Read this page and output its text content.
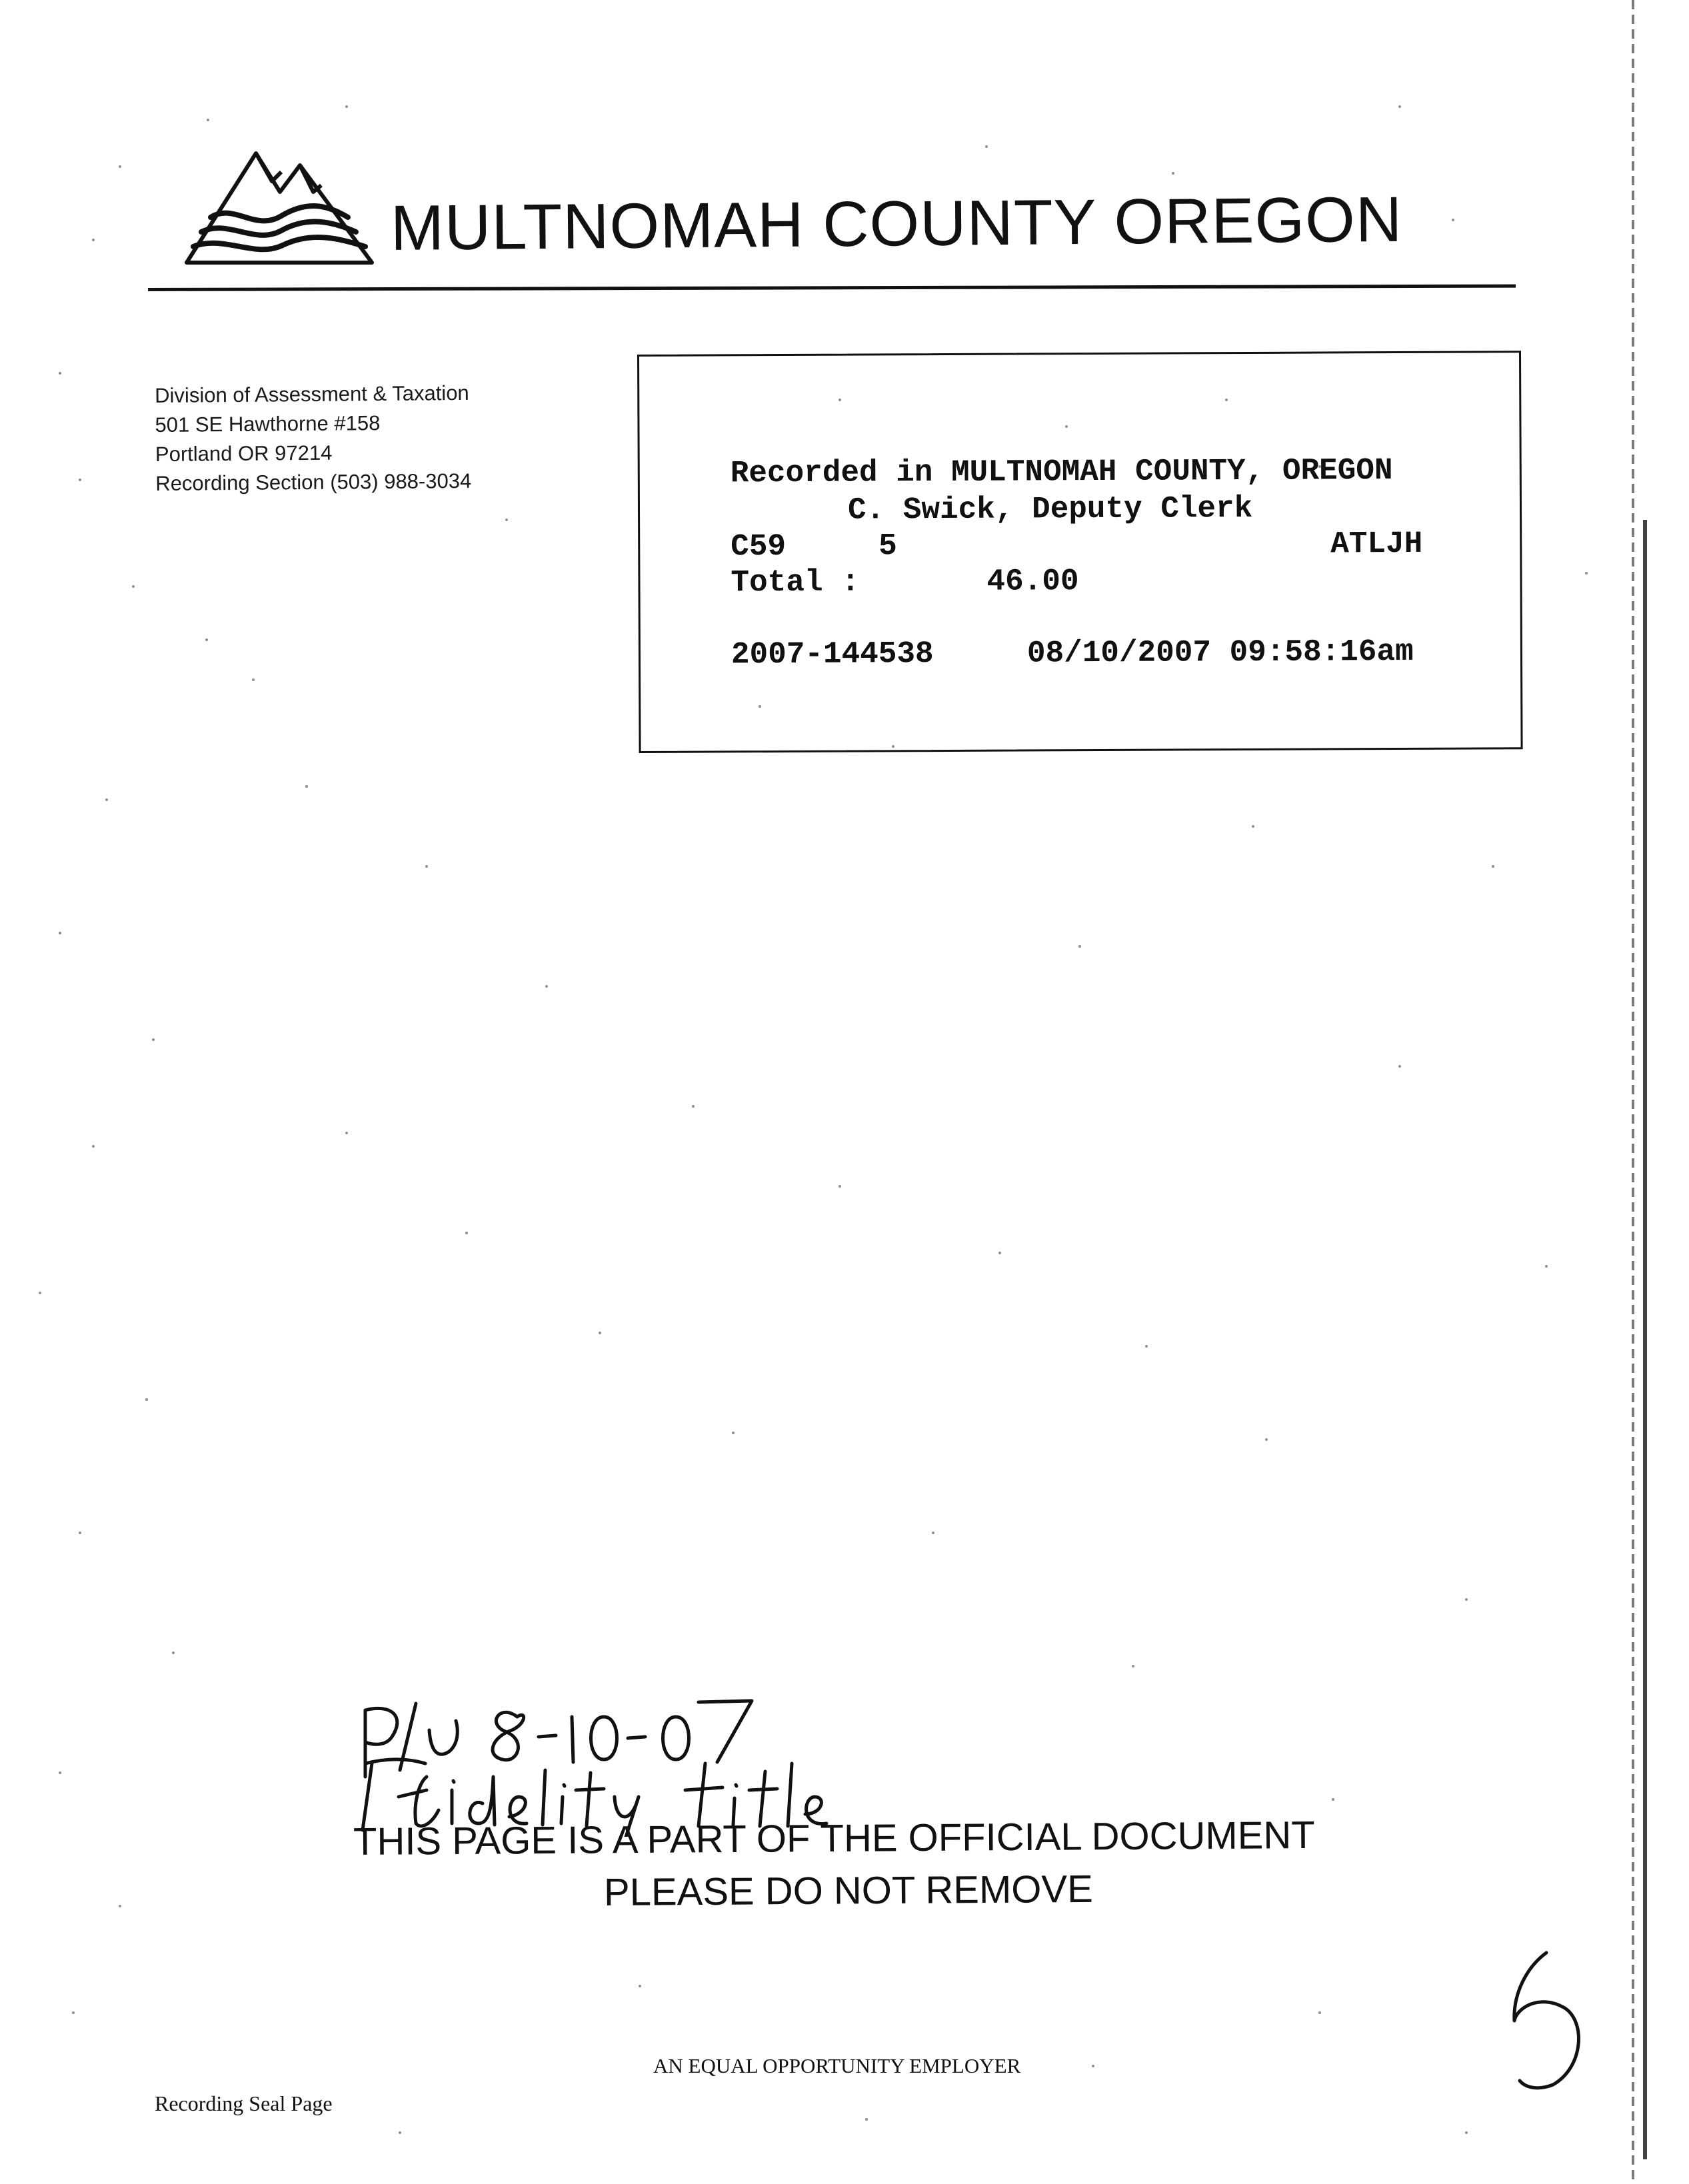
MULTNOMAH COUNTY OREGON
Division of Assessment & Taxation
501 SE Hawthorne #158
Portland OR 97214
Recording Section (503) 988-3034	Recorded in MULTNOMAH COUNTY, OREGON
C. Swick, Deputy Clerk
C59	5	ATLJH
Total :	46.00
2007-144538	08/10/2007 09:58:16am
THIS PAGE IS A PART OF THE OFFICIAL DOCUMENT
PLEASE DO NOT REMOVE
AN EQUAL OPPORTUNITY EMPLOYER
Recording Seal Page
